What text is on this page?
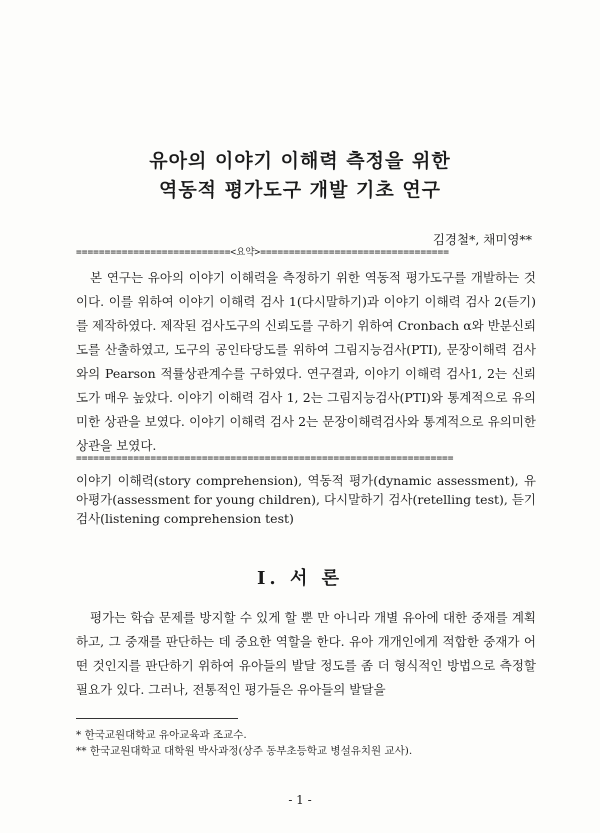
유아의 이야기 이해력 측정을 위한
역동적 평가도구 개발 기초 연구
김경철*, 채미영**
===========================<요약>=================================

본 연구는 유아의 이야기 이해력을 측정하기 위한 역동적 평가도구를 개발하는 것이다. 이를 위하여 이야기 이해력 검사 1(다시말하기)과 이야기 이해력 검사 2(듣기)를 제작하였다. 제작된 검사도구의 신뢰도를 구하기 위하여 Cronbach α와 반분신뢰도를 산출하였고, 도구의 공인타당도를 위하여 그림지능검사(PTI), 문장이해력 검사와의 Pearson 적률상관계수를 구하였다. 연구결과, 이야기 이해력 검사1, 2는 신뢰도가 매우 높았다. 이야기 이해력 검사 1, 2는 그림지능검사(PTI)와 통계적으로 유의미한 상관을 보였다. 이야기 이해력 검사 2는 문장이해력검사와 통계적으로 유의미한 상관을 보였다.

==================================================================

이야기 이해력(story comprehension), 역동적 평가(dynamic assessment), 유아평가(assessment for young children), 다시말하기 검사(retelling test), 듣기 검사(listening comprehension test)

I. 서 론

평가는 학습 문제를 방지할 수 있게 할 뿐 만 아니라 개별 유아에 대한 중재를 계획하고, 그 중재를 판단하는 데 중요한 역할을 한다. 유아 개개인에게 적합한 중재가 어떤 것인지를 판단하기 위하여 유아들의 발달 정도를 좀 더 형식적인 방법으로 측정할 필요가 있다. 그러나, 전통적인 평가들은 유아들의 발달을

* 한국교원대학교 유아교육과 조교수.
** 한국교원대학교 대학원 박사과정(상주 동부초등학교 병설유치원 교사).
- 1 -
